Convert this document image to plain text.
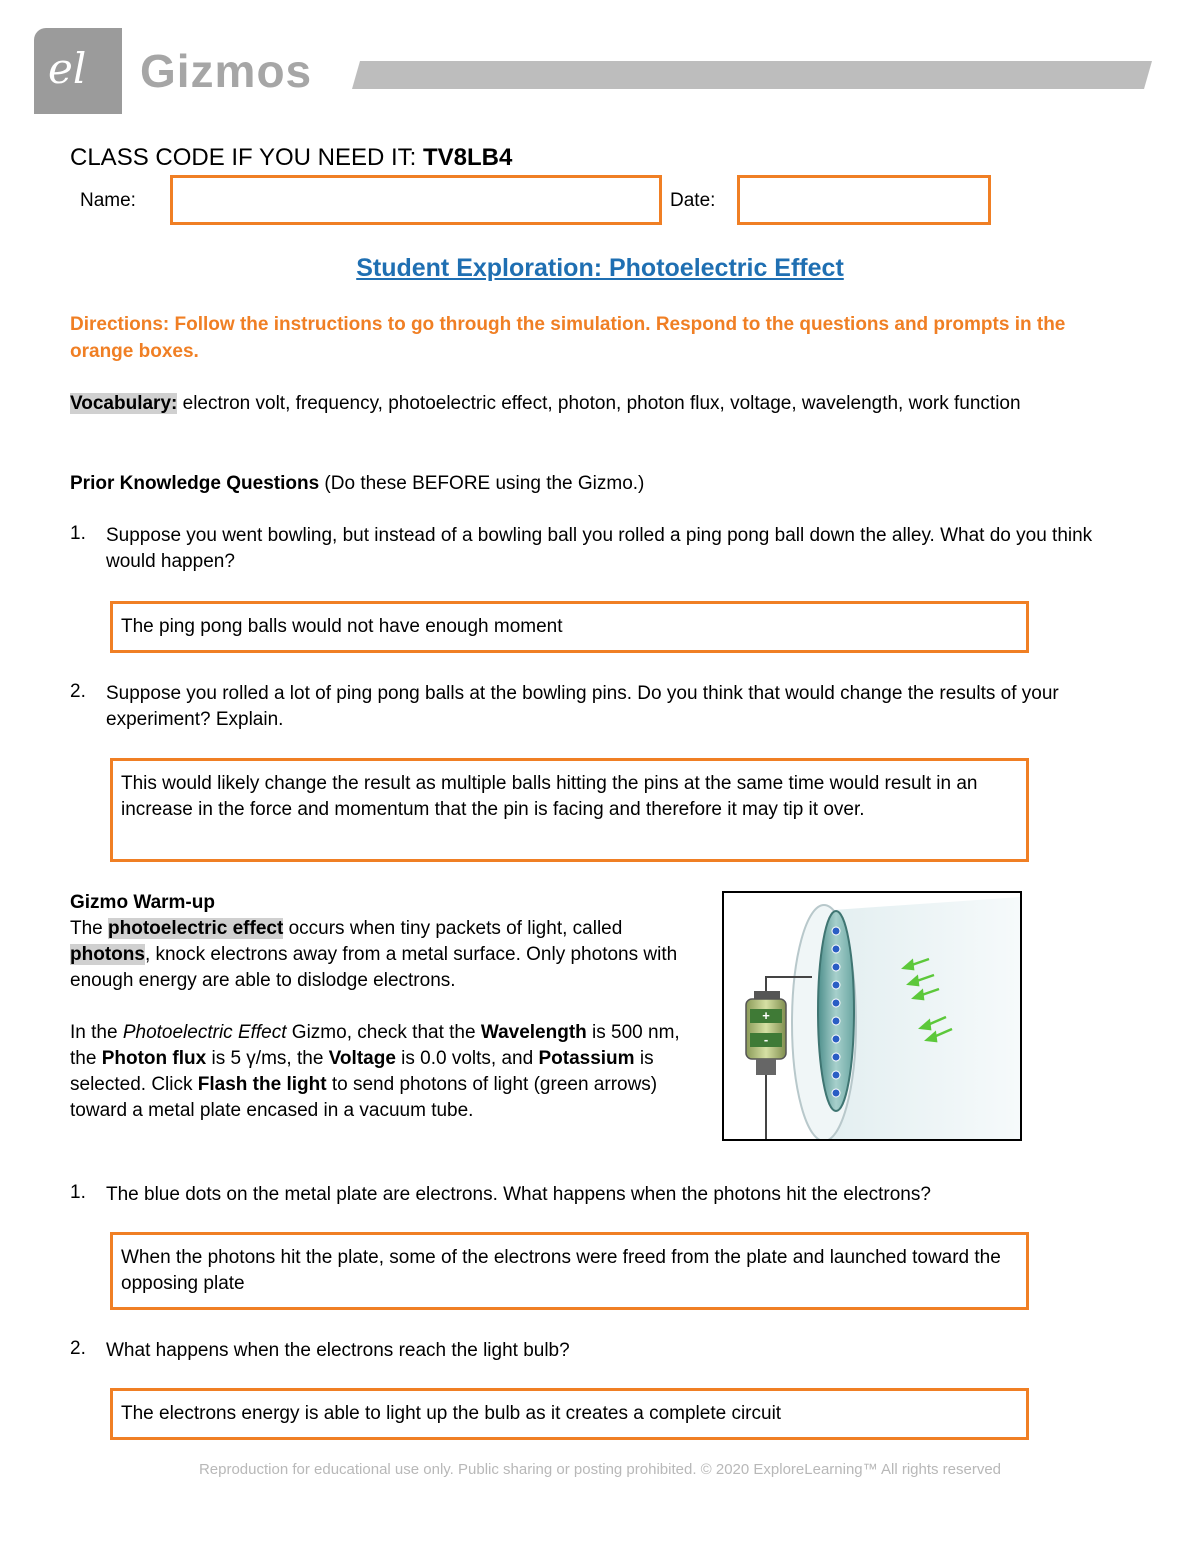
el Gizmos
CLASS CODE IF YOU NEED IT: TV8LB4
Name:	Date:
Student Exploration: Photoelectric Effect
Directions: Follow the instructions to go through the simulation. Respond to the questions and prompts in the orange boxes.
Vocabulary: electron volt, frequency, photoelectric effect, photon, photon flux, voltage, wavelength, work function
Prior Knowledge Questions (Do these BEFORE using the Gizmo.)
1. Suppose you went bowling, but instead of a bowling ball you rolled a ping pong ball down the alley. What do you think would happen?
The ping pong balls would not have enough moment
2. Suppose you rolled a lot of ping pong balls at the bowling pins. Do you think that would change the results of your experiment? Explain.
This would likely change the result as multiple balls hitting the pins at the same time would result in an increase in the force and momentum that the pin is facing and therefore it may tip it over.
Gizmo Warm-up
The photoelectric effect occurs when tiny packets of light, called photons, knock electrons away from a metal surface. Only photons with enough energy are able to dislodge electrons.
In the Photoelectric Effect Gizmo, check that the Wavelength is 500 nm, the Photon flux is 5 γ/ms, the Voltage is 0.0 volts, and Potassium is selected. Click Flash the light to send photons of light (green arrows) toward a metal plate encased in a vacuum tube.
+
-
1. The blue dots on the metal plate are electrons. What happens when the photons hit the electrons?
When the photons hit the plate, some of the electrons were freed from the plate and launched toward the opposing plate
2. What happens when the electrons reach the light bulb?
The electrons energy is able to light up the bulb as it creates a complete circuit
Reproduction for educational use only. Public sharing or posting prohibited. © 2020 ExploreLearning™ All rights reserved
